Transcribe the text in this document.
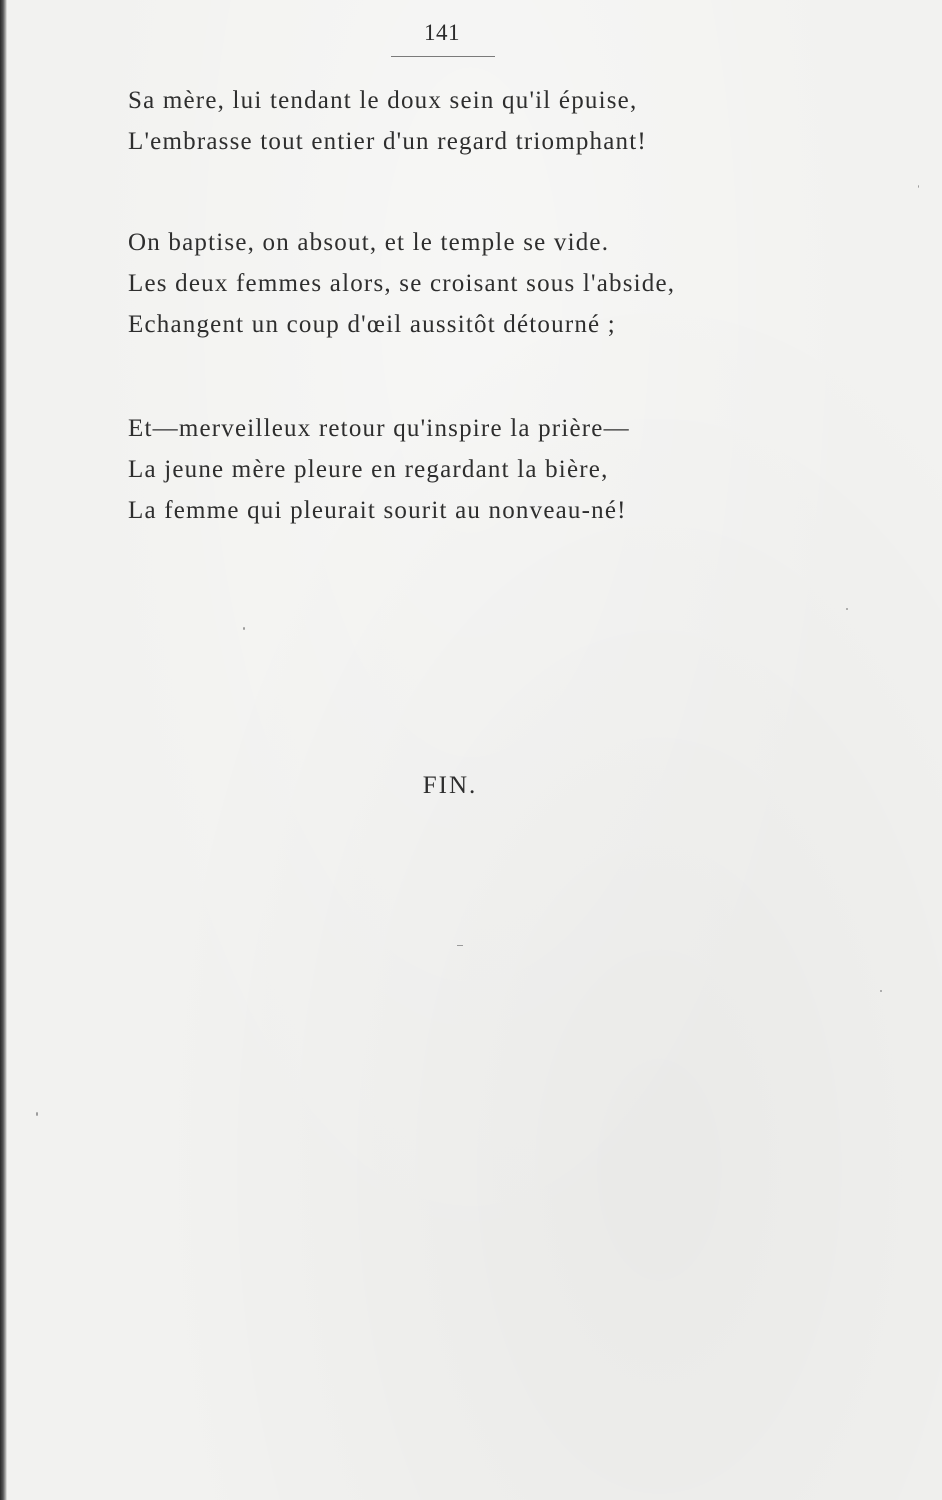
141
Sa mère, lui tendant le doux sein qu'il épuise,
L'embrasse tout entier d'un regard triomphant!
On baptise, on absout, et le temple se vide.
Les deux femmes alors, se croisant sous l'abside,
Echangent un coup d'œil aussitôt détourné ;
Et—merveilleux retour qu'inspire la prière—
La jeune mère pleure en regardant la bière,
La femme qui pleurait sourit au nonveau-né!
FIN.
